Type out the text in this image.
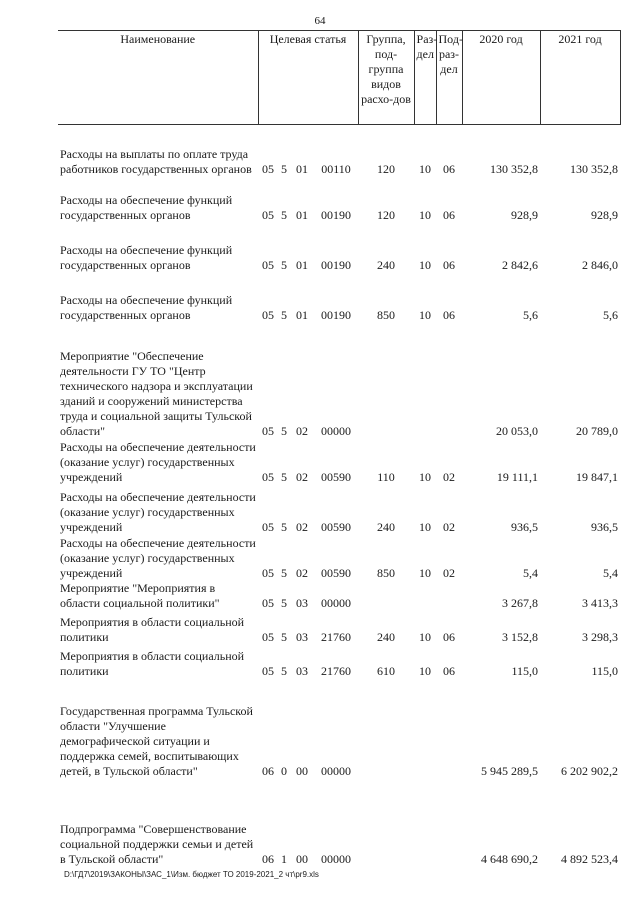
64
Наименование	Целевая статья				Группа, под-группа видов расхо-дов	Раз-дел	Под-раз-дел	2020 год	2021 год
Расходы на выплаты по оплате труда работников государственных органов	05	5	01	00110	120	10	06	130 352,8	130 352,8
Расходы на обеспечение функций государственных органов	05	5	01	00190	120	10	06	928,9	928,9
Расходы на обеспечение функций государственных органов	05	5	01	00190	240	10	06	2 842,6	2 846,0
Расходы на обеспечение функций государственных органов	05	5	01	00190	850	10	06	5,6	5,6
Мероприятие "Обеспечение деятельности ГУ ТО "Центр технического надзора и эксплуатации зданий и сооружений министерства труда и социальной защиты Тульской области"	05	5	02	00000				20 053,0	20 789,0
Расходы на обеспечение деятельности (оказание услуг) государственных учреждений	05	5	02	00590	110	10	02	19 111,1	19 847,1
Расходы на обеспечение деятельности (оказание услуг) государственных учреждений	05	5	02	00590	240	10	02	936,5	936,5
Расходы на обеспечение деятельности (оказание услуг) государственных учреждений	05	5	02	00590	850	10	02	5,4	5,4
Мероприятие "Мероприятия в области социальной политики"	05	5	03	00000				3 267,8	3 413,3
Мероприятия в области социальной политики	05	5	03	21760	240	10	06	3 152,8	3 298,3
Мероприятия в области социальной политики	05	5	03	21760	610	10	06	115,0	115,0
Государственная программа Тульской области "Улучшение демографической ситуации и поддержка семей, воспитывающих детей, в Тульской области"	06	0	00	00000				5 945 289,5	6 202 902,2
Подпрограмма "Совершенствование социальной поддержки семьи и детей в Тульской области"	06	1	00	00000				4 648 690,2	4 892 523,4
D:\ГД7\2019\ЗАКОНЫ\ЗАС_1\Изм. бюджет ТО 2019-2021_2 чт\pr9.xls
